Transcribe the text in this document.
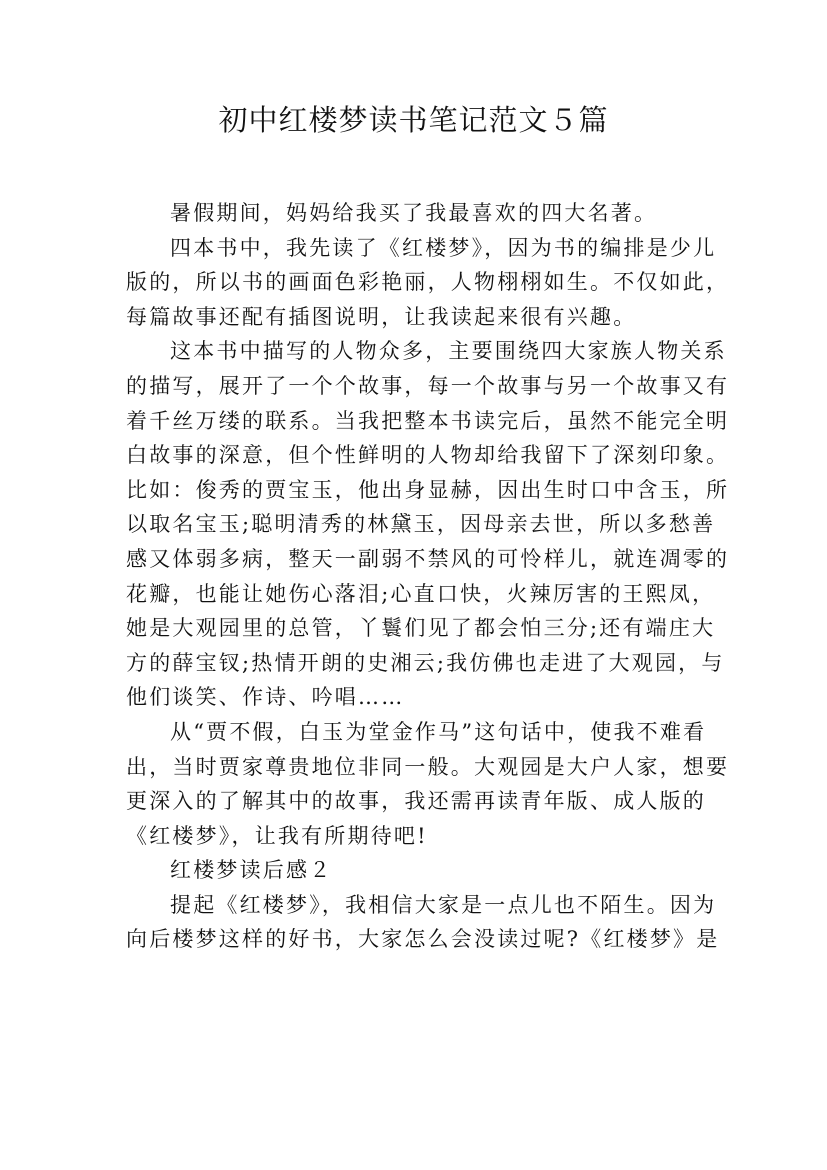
初中红楼梦读书笔记范文５篇
暑假期间，妈妈给我买了我最喜欢的四大名著。
四本书中，我先读了《红楼梦》，因为书的编排是少儿
版的，所以书的画面色彩艳丽，人物栩栩如生。不仅如此，
每篇故事还配有插图说明，让我读起来很有兴趣。
这本书中描写的人物众多，主要围绕四大家族人物关系
的描写，展开了一个个故事，每一个故事与另一个故事又有
着千丝万缕的联系。当我把整本书读完后，虽然不能完全明
白故事的深意，但个性鲜明的人物却给我留下了深刻印象。
比如：俊秀的贾宝玉，他出身显赫，因出生时口中含玉，所
以取名宝玉;聪明清秀的林黛玉，因母亲去世，所以多愁善
感又体弱多病，整天一副弱不禁风的可怜样儿，就连凋零的
花瓣，也能让她伤心落泪;心直口快，火辣厉害的王熙凤，
她是大观园里的总管，丫鬟们见了都会怕三分;还有端庄大
方的薛宝钗;热情开朗的史湘云;我仿佛也走进了大观园，与
他们谈笑、作诗、吟唱……
从“贾不假，白玉为堂金作马”这句话中，使我不难看
出，当时贾家尊贵地位非同一般。大观园是大户人家，想要
更深入的了解其中的故事，我还需再读青年版、成人版的
《红楼梦》，让我有所期待吧!
红楼梦读后感２
提起《红楼梦》，我相信大家是一点儿也不陌生。因为
向后楼梦这样的好书，大家怎么会没读过呢?《红楼梦》是
